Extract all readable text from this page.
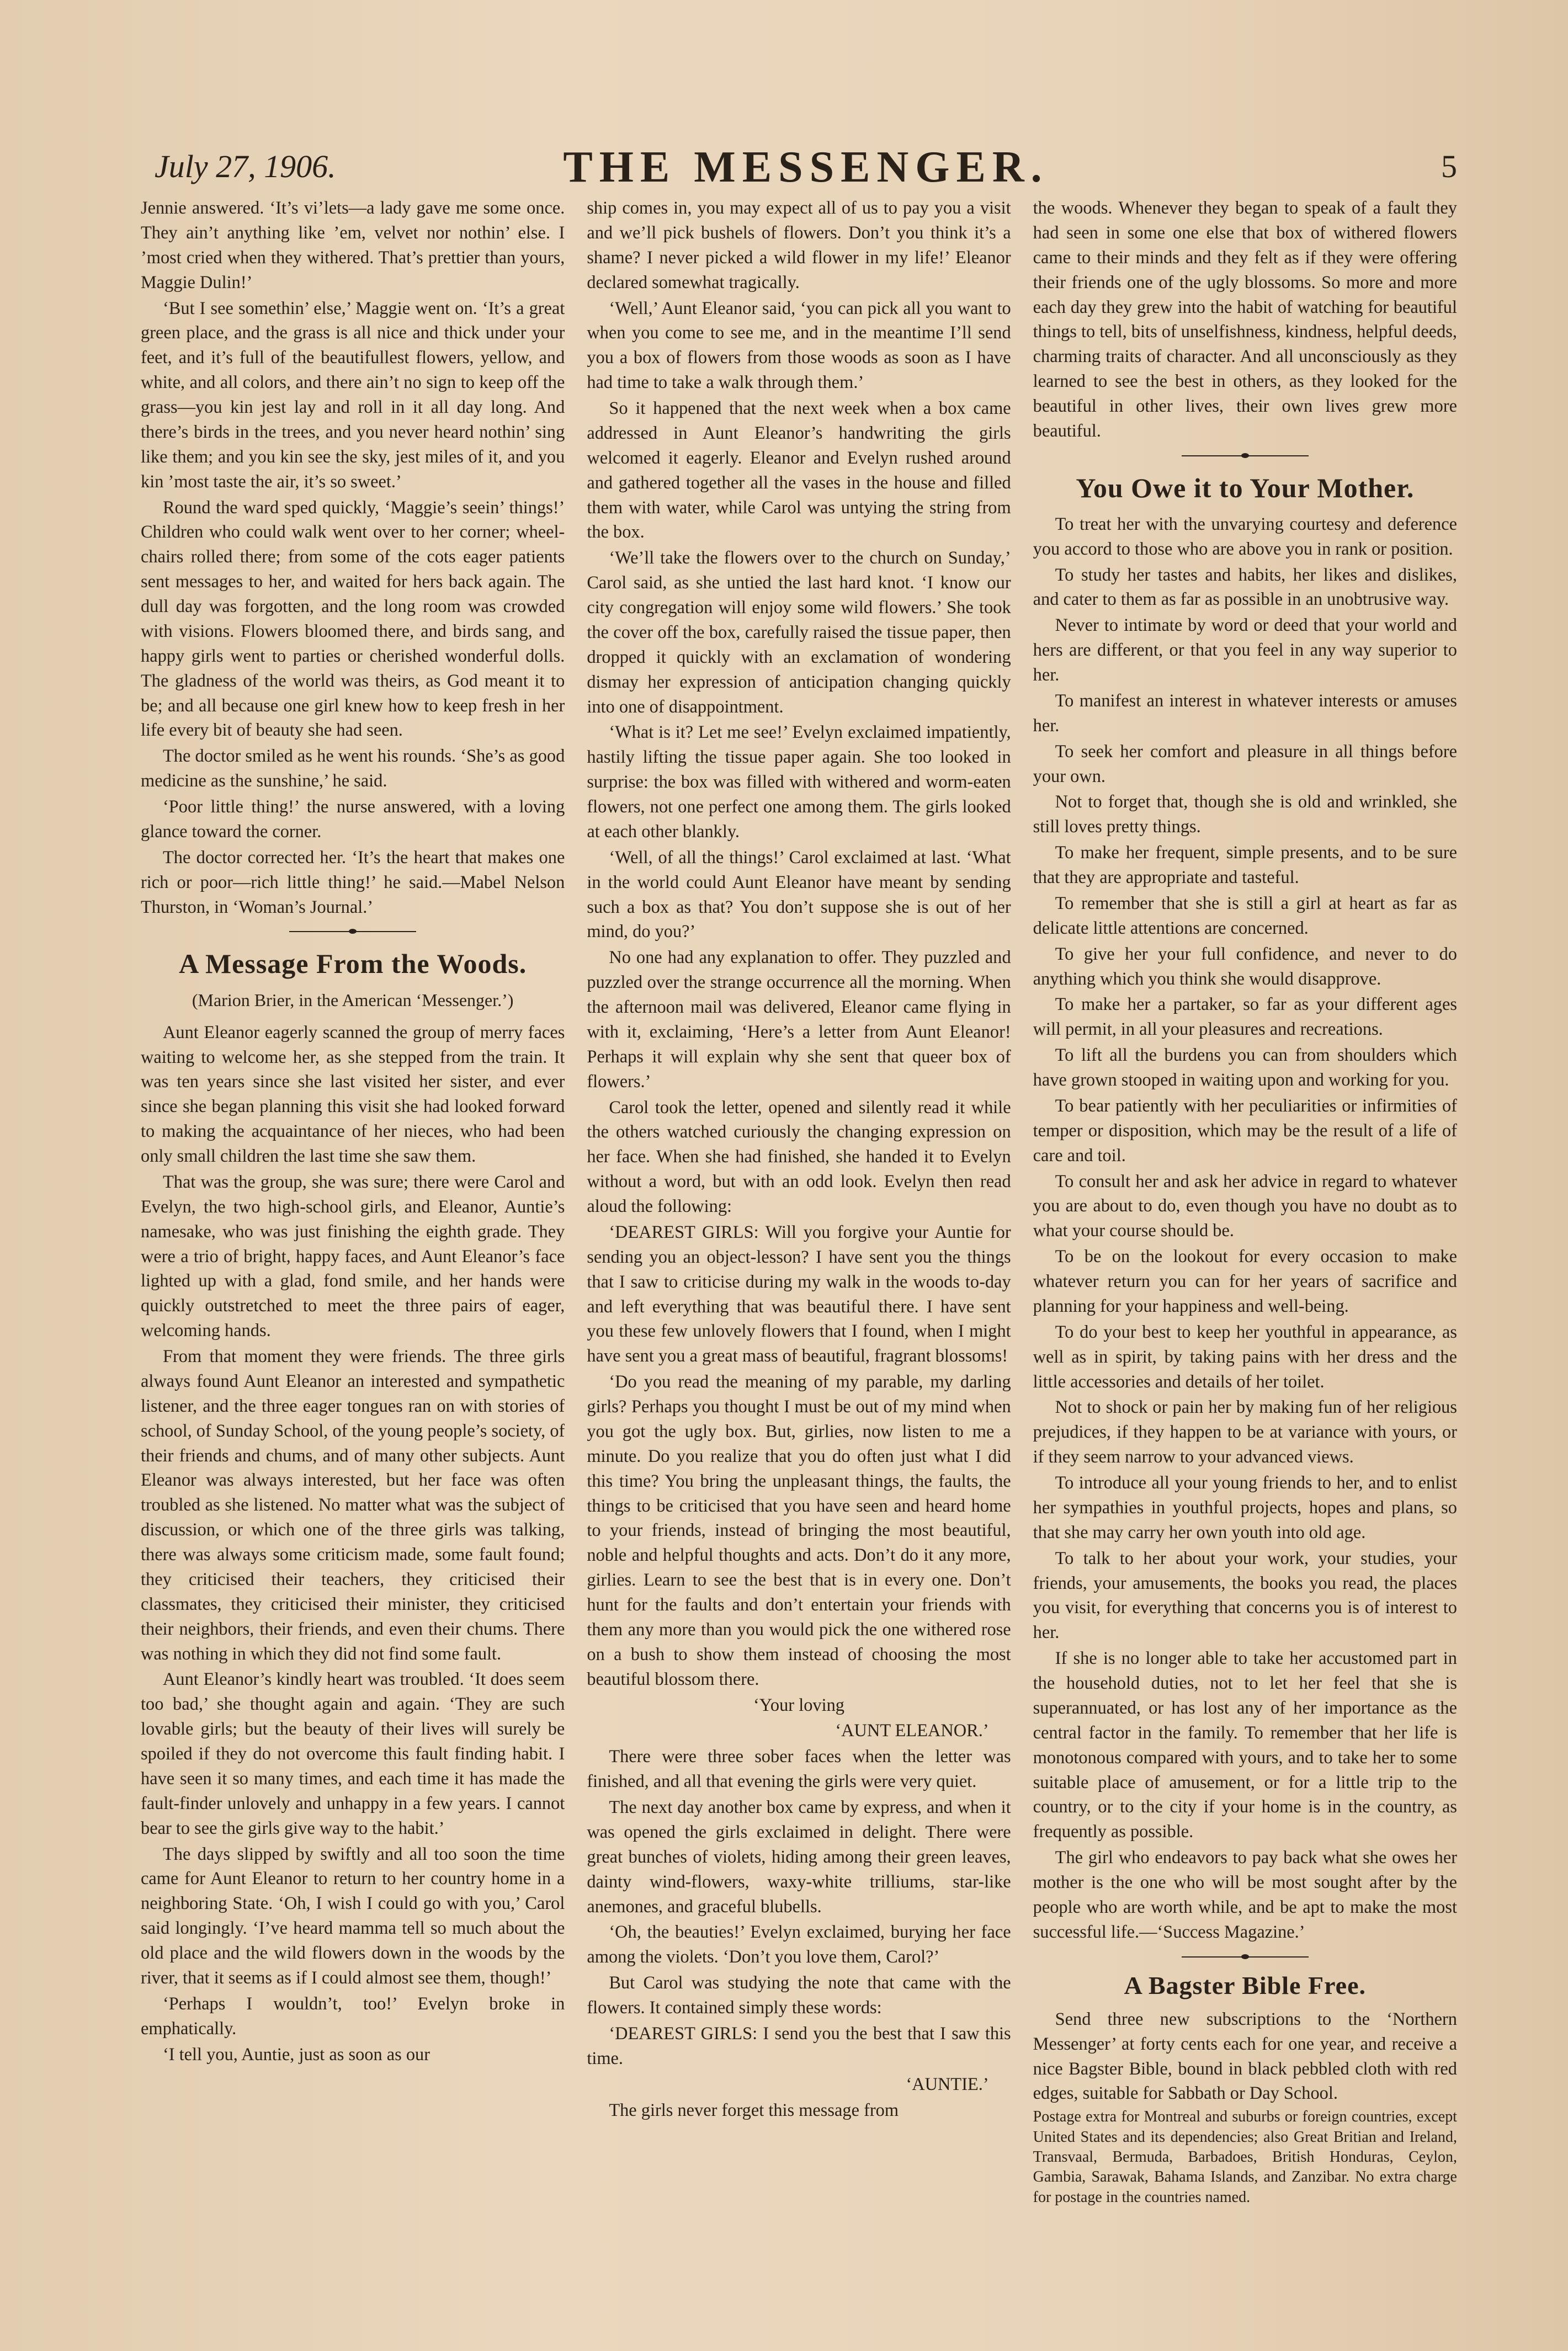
July 27, 1906.	THE MESSENGER.	5

Jennie answered. ‘It’s vi’lets—a lady gave me some once. They ain’t anything like ’em, velvet nor nothin’ else. I ’most cried when they withered. That’s prettier than yours, Maggie Dulin!’

‘But I see somethin’ else,’ Maggie went on. ‘It’s a great green place, and the grass is all nice and thick under your feet, and it’s full of the beautifullest flowers, yellow, and white, and all colors, and there ain’t no sign to keep off the grass—you kin jest lay and roll in it all day long. And there’s birds in the trees, and you never heard nothin’ sing like them; and you kin see the sky, jest miles of it, and you kin ’most taste the air, it’s so sweet.’

Round the ward sped quickly, ‘Maggie’s seein’ things!’ Children who could walk went over to her corner; wheel-chairs rolled there; from some of the cots eager patients sent messages to her, and waited for hers back again. The dull day was forgotten, and the long room was crowded with visions. Flowers bloomed there, and birds sang, and happy girls went to parties or cherished wonderful dolls. The gladness of the world was theirs, as God meant it to be; and all because one girl knew how to keep fresh in her life every bit of beauty she had seen.

The doctor smiled as he went his rounds. ‘She’s as good medicine as the sunshine,’ he said.

‘Poor little thing!’ the nurse answered, with a loving glance toward the corner.

The doctor corrected her. ‘It’s the heart that makes one rich or poor—rich little thing!’ he said.—Mabel Nelson Thurston, in ‘Woman’s Journal.’

A Message From the Woods.

(Marion Brier, in the American ‘Messenger.’)

Aunt Eleanor eagerly scanned the group of merry faces waiting to welcome her, as she stepped from the train. It was ten years since she last visited her sister, and ever since she began planning this visit she had looked forward to making the acquaintance of her nieces, who had been only small children the last time she saw them.

That was the group, she was sure; there were Carol and Evelyn, the two high-school girls, and Eleanor, Auntie’s namesake, who was just finishing the eighth grade. They were a trio of bright, happy faces, and Aunt Eleanor’s face lighted up with a glad, fond smile, and her hands were quickly outstretched to meet the three pairs of eager, welcoming hands.

From that moment they were friends. The three girls always found Aunt Eleanor an interested and sympathetic listener, and the three eager tongues ran on with stories of school, of Sunday School, of the young people’s society, of their friends and chums, and of many other subjects. Aunt Eleanor was always interested, but her face was often troubled as she listened. No matter what was the subject of discussion, or which one of the three girls was talking, there was always some criticism made, some fault found; they criticised their teachers, they criticised their classmates, they criticised their minister, they criticised their neighbors, their friends, and even their chums. There was nothing in which they did not find some fault.

Aunt Eleanor’s kindly heart was troubled. ‘It does seem too bad,’ she thought again and again. ‘They are such lovable girls; but the beauty of their lives will surely be spoiled if they do not overcome this fault finding habit. I have seen it so many times, and each time it has made the fault-finder unlovely and unhappy in a few years. I cannot bear to see the girls give way to the habit.’

The days slipped by swiftly and all too soon the time came for Aunt Eleanor to return to her country home in a neighboring State. ‘Oh, I wish I could go with you,’ Carol said longingly. ‘I’ve heard mamma tell so much about the old place and the wild flowers down in the woods by the river, that it seems as if I could almost see them, though!’

‘Perhaps I wouldn’t, too!’ Evelyn broke in emphatically.

‘I tell you, Auntie, just as soon as our

ship comes in, you may expect all of us to pay you a visit and we’ll pick bushels of flowers. Don’t you think it’s a shame? I never picked a wild flower in my life!’ Eleanor declared somewhat tragically.

‘Well,’ Aunt Eleanor said, ‘you can pick all you want to when you come to see me, and in the meantime I’ll send you a box of flowers from those woods as soon as I have had time to take a walk through them.’

So it happened that the next week when a box came addressed in Aunt Eleanor’s handwriting the girls welcomed it eagerly. Eleanor and Evelyn rushed around and gathered together all the vases in the house and filled them with water, while Carol was untying the string from the box.

‘We’ll take the flowers over to the church on Sunday,’ Carol said, as she untied the last hard knot. ‘I know our city congregation will enjoy some wild flowers.’ She took the cover off the box, carefully raised the tissue paper, then dropped it quickly with an exclamation of wondering dismay her expression of anticipation changing quickly into one of disappointment.

‘What is it? Let me see!’ Evelyn exclaimed impatiently, hastily lifting the tissue paper again. She too looked in surprise: the box was filled with withered and worm-eaten flowers, not one perfect one among them. The girls looked at each other blankly.

‘Well, of all the things!’ Carol exclaimed at last. ‘What in the world could Aunt Eleanor have meant by sending such a box as that? You don’t suppose she is out of her mind, do you?’

No one had any explanation to offer. They puzzled and puzzled over the strange occurrence all the morning. When the afternoon mail was delivered, Eleanor came flying in with it, exclaiming, ‘Here’s a letter from Aunt Eleanor! Perhaps it will explain why she sent that queer box of flowers.’

Carol took the letter, opened and silently read it while the others watched curiously the changing expression on her face. When she had finished, she handed it to Evelyn without a word, but with an odd look. Evelyn then read aloud the following:

‘DEAREST GIRLS: Will you forgive your Auntie for sending you an object-lesson? I have sent you the things that I saw to criticise during my walk in the woods to-day and left everything that was beautiful there. I have sent you these few unlovely flowers that I found, when I might have sent you a great mass of beautiful, fragrant blossoms!

‘Do you read the meaning of my parable, my darling girls? Perhaps you thought I must be out of my mind when you got the ugly box. But, girlies, now listen to me a minute. Do you realize that you do often just what I did this time? You bring the unpleasant things, the faults, the things to be criticised that you have seen and heard home to your friends, instead of bringing the most beautiful, noble and helpful thoughts and acts. Don’t do it any more, girlies. Learn to see the best that is in every one. Don’t hunt for the faults and don’t entertain your friends with them any more than you would pick the one withered rose on a bush to show them instead of choosing the most beautiful blossom there.

‘Your loving

‘AUNT ELEANOR.’

There were three sober faces when the letter was finished, and all that evening the girls were very quiet.

The next day another box came by express, and when it was opened the girls exclaimed in delight. There were great bunches of violets, hiding among their green leaves, dainty wind-flowers, waxy-white trilliums, star-like anemones, and graceful blubells.

‘Oh, the beauties!’ Evelyn exclaimed, burying her face among the violets. ‘Don’t you love them, Carol?’

But Carol was studying the note that came with the flowers. It contained simply these words:

‘DEAREST GIRLS: I send you the best that I saw this time.

‘AUNTIE.’

The girls never forget this message from

the woods. Whenever they began to speak of a fault they had seen in some one else that box of withered flowers came to their minds and they felt as if they were offering their friends one of the ugly blossoms. So more and more each day they grew into the habit of watching for beautiful things to tell, bits of unselfishness, kindness, helpful deeds, charming traits of character. And all unconsciously as they learned to see the best in others, as they looked for the beautiful in other lives, their own lives grew more beautiful.

You Owe it to Your Mother.

To treat her with the unvarying courtesy and deference you accord to those who are above you in rank or position.

To study her tastes and habits, her likes and dislikes, and cater to them as far as possible in an unobtrusive way.

Never to intimate by word or deed that your world and hers are different, or that you feel in any way superior to her.

To manifest an interest in whatever interests or amuses her.

To seek her comfort and pleasure in all things before your own.

Not to forget that, though she is old and wrinkled, she still loves pretty things.

To make her frequent, simple presents, and to be sure that they are appropriate and tasteful.

To remember that she is still a girl at heart as far as delicate little attentions are concerned.

To give her your full confidence, and never to do anything which you think she would disapprove.

To make her a partaker, so far as your different ages will permit, in all your pleasures and recreations.

To lift all the burdens you can from shoulders which have grown stooped in waiting upon and working for you.

To bear patiently with her peculiarities or infirmities of temper or disposition, which may be the result of a life of care and toil.

To consult her and ask her advice in regard to whatever you are about to do, even though you have no doubt as to what your course should be.

To be on the lookout for every occasion to make whatever return you can for her years of sacrifice and planning for your happiness and well-being.

To do your best to keep her youthful in appearance, as well as in spirit, by taking pains with her dress and the little accessories and details of her toilet.

Not to shock or pain her by making fun of her religious prejudices, if they happen to be at variance with yours, or if they seem narrow to your advanced views.

To introduce all your young friends to her, and to enlist her sympathies in youthful projects, hopes and plans, so that she may carry her own youth into old age.

To talk to her about your work, your studies, your friends, your amusements, the books you read, the places you visit, for everything that concerns you is of interest to her.

If she is no longer able to take her accustomed part in the household duties, not to let her feel that she is superannuated, or has lost any of her importance as the central factor in the family. To remember that her life is monotonous compared with yours, and to take her to some suitable place of amusement, or for a little trip to the country, or to the city if your home is in the country, as frequently as possible.

The girl who endeavors to pay back what she owes her mother is the one who will be most sought after by the people who are worth while, and be apt to make the most successful life.—‘Success Magazine.’

A Bagster Bible Free.

Send three new subscriptions to the ‘Northern Messenger’ at forty cents each for one year, and receive a nice Bagster Bible, bound in black pebbled cloth with red edges, suitable for Sabbath or Day School.

Postage extra for Montreal and suburbs or foreign countries, except United States and its dependencies; also Great Britian and Ireland, Transvaal, Bermuda, Barbadoes, British Honduras, Ceylon, Gambia, Sarawak, Bahama Islands, and Zanzibar. No extra charge for postage in the countries named.
